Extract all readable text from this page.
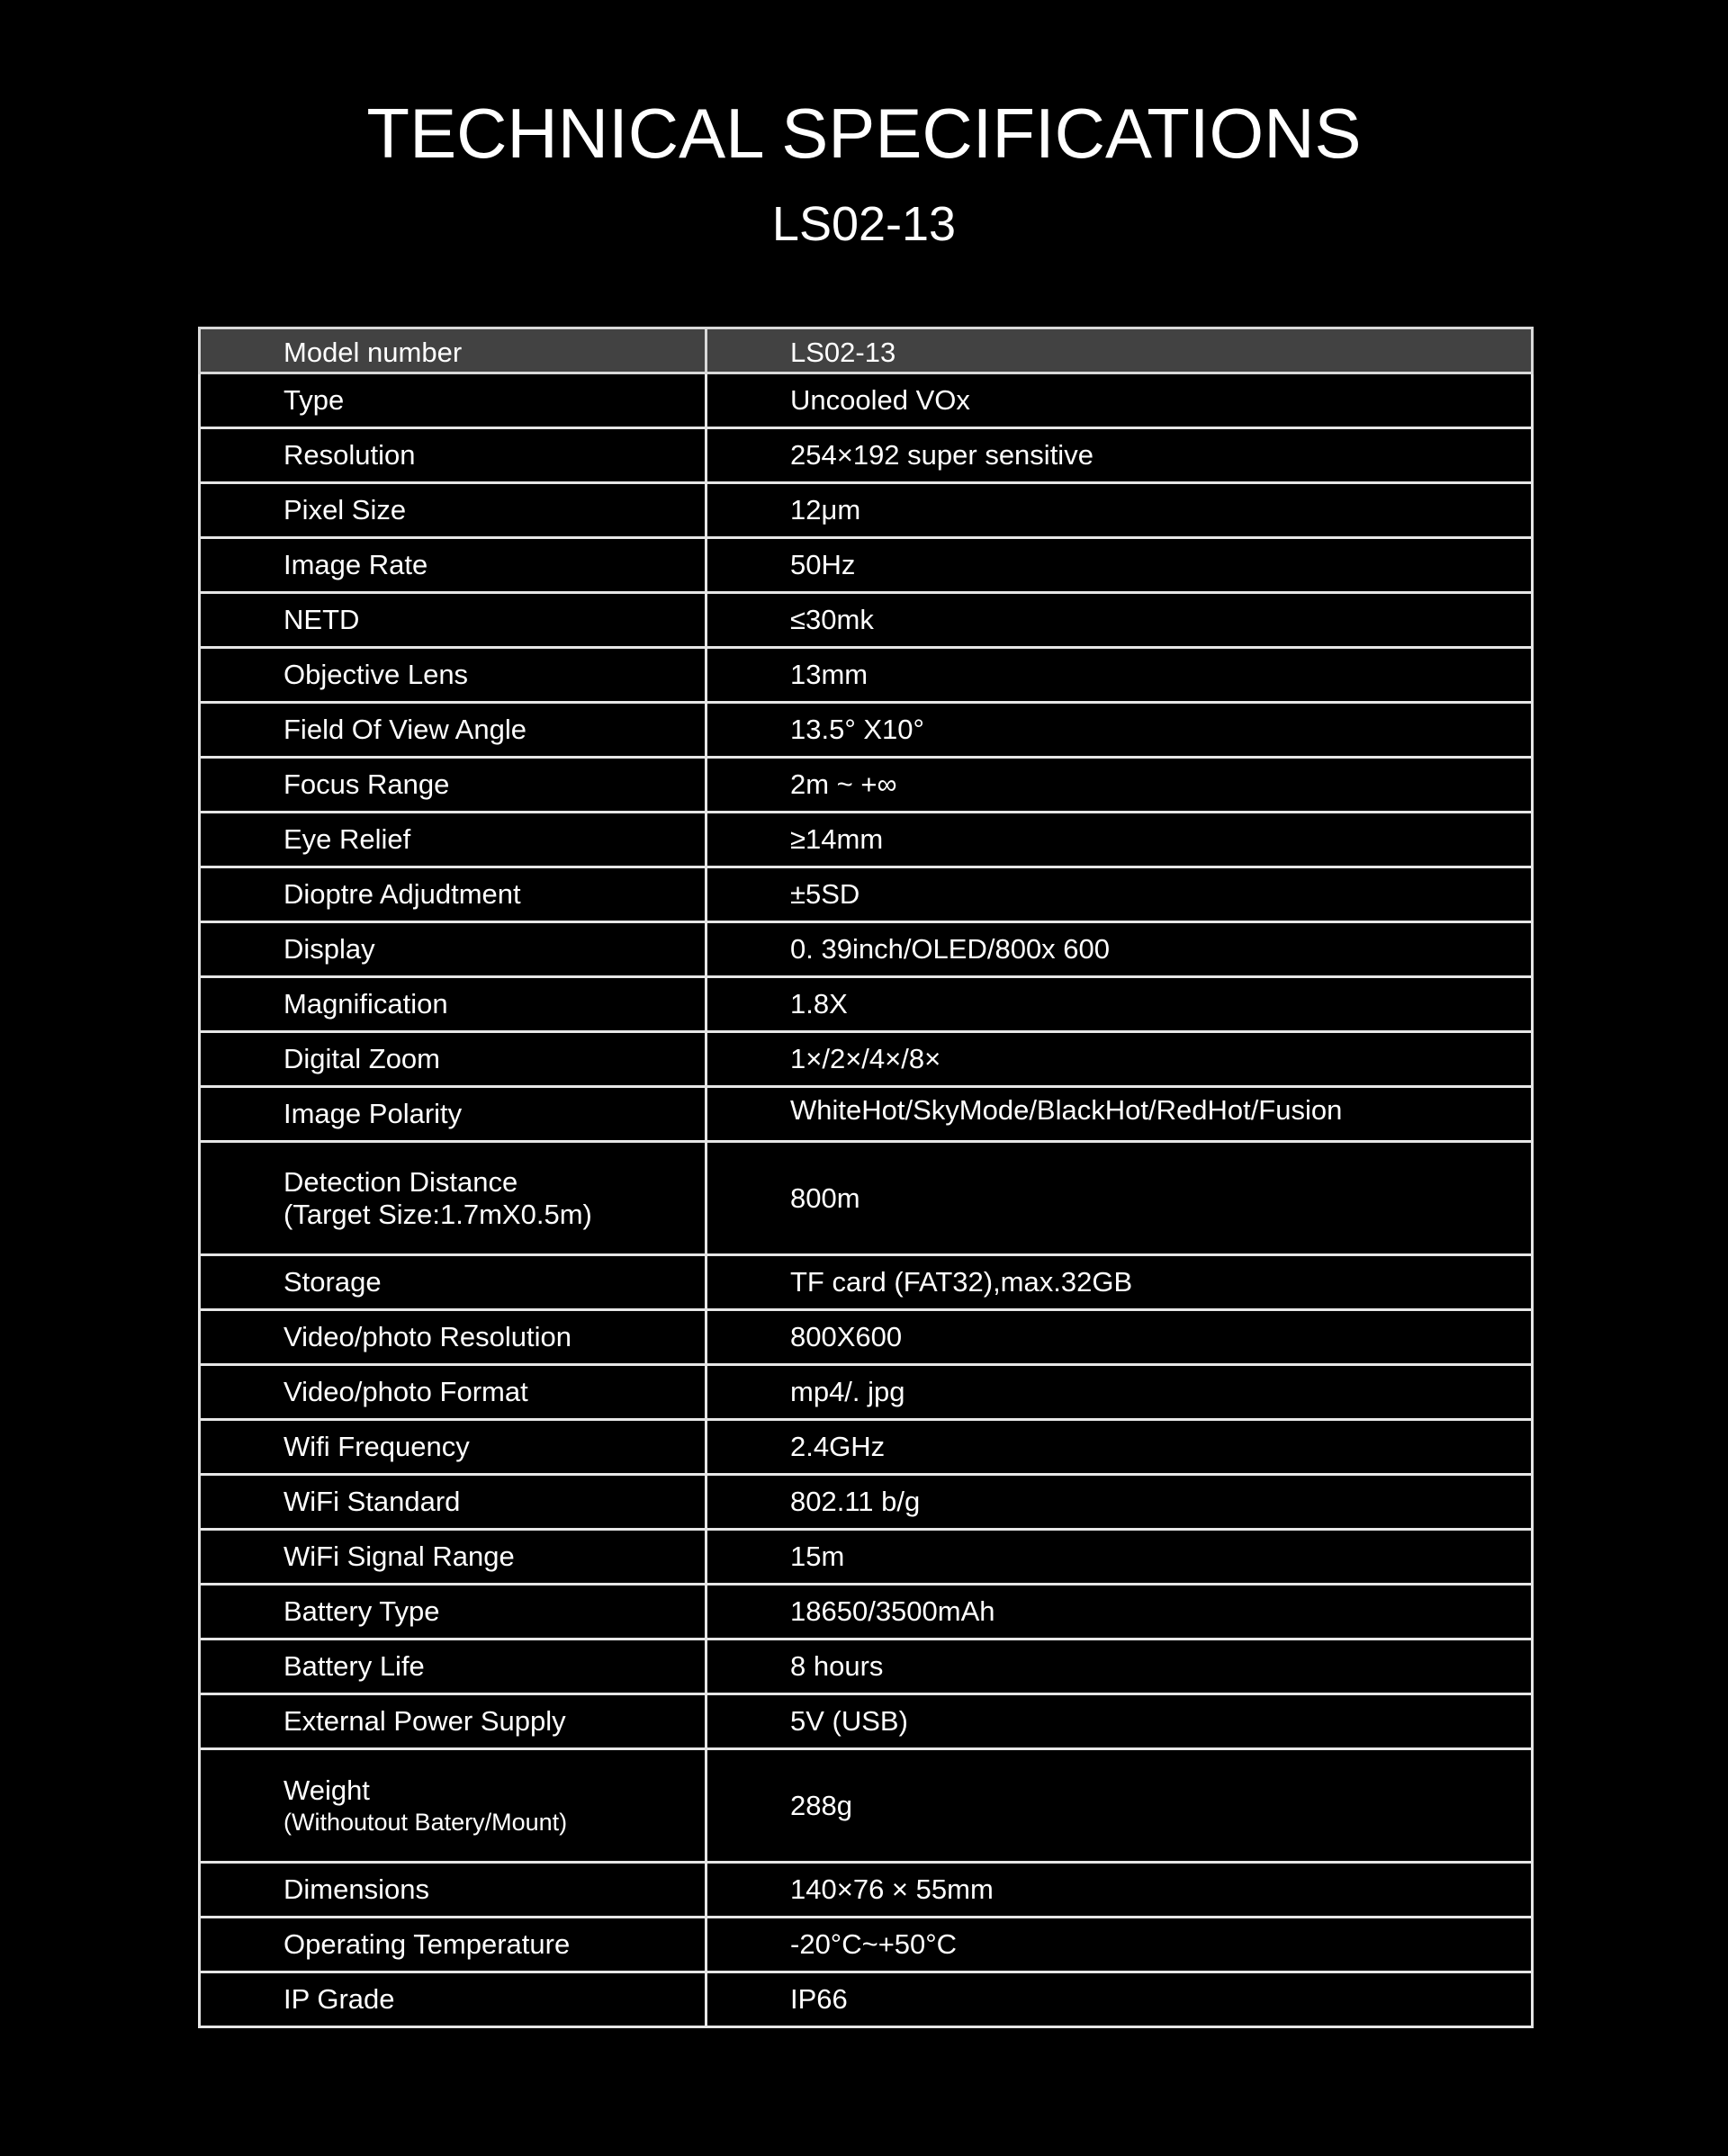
TECHNICAL SPECIFICATIONS
LS02-13
Model number	LS02-13
Type	Uncooled VOx
Resolution	254×192 super sensitive
Pixel Size	12μm
Image Rate	50Hz
NETD	≤30mk
Objective Lens	13mm
Field Of View Angle	13.5° X10°
Focus Range	2m ~ +∞
Eye Relief	≥14mm
Dioptre Adjudtment	±5SD
Display	0. 39inch/OLED/800x 600
Magnification	1.8X
Digital Zoom	1×/2×/4×/8×
Image Polarity	WhiteHot/SkyMode/BlackHot/RedHot/Fusion

Detection Distance
(Target Size:1.7mX0.5m)	800m
Storage	TF card (FAT32),max.32GB
Video/photo Resolution	800X600
Video/photo Format	mp4/. jpg
Wifi Frequency	2.4GHz
WiFi Standard	802.11 b/g
WiFi Signal Range	15m
Battery Type	18650/3500mAh
Battery Life	8 hours
External Power Supply	5V (USB)

Weight
(Withoutout Batery/Mount)	288g
Dimensions	140×76 × 55mm
Operating Temperature	-20°C~+50°C
IP Grade	IP66
